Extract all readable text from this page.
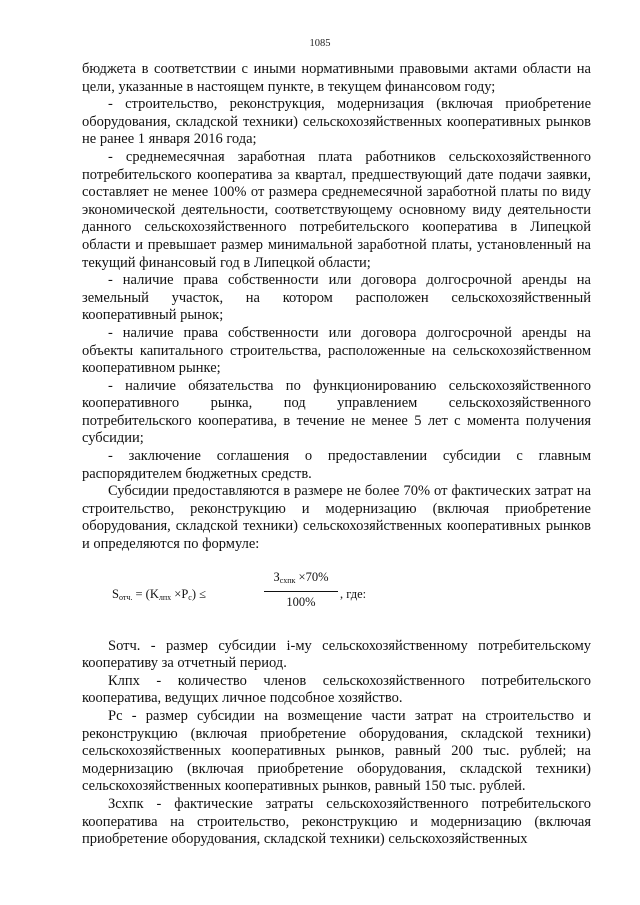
1085

бюджета в соответствии с иными нормативными правовыми актами области на цели, указанные в настоящем пункте, в текущем финансовом году;

- строительство, реконструкция, модернизация (включая приобретение оборудования, складской техники) сельскохозяйственных кооперативных рынков не ранее 1 января 2016 года;

- среднемесячная заработная плата работников сельскохозяйственного потребительского кооператива за квартал, предшествующий дате подачи заявки, составляет не менее 100% от размера среднемесячной заработной платы по виду экономической деятельности, соответствующему основному виду деятельности данного сельскохозяйственного потребительского кооператива в Липецкой области и превышает размер минимальной заработной платы, установленный на текущий финансовый год в Липецкой области;

- наличие права собственности или договора долгосрочной аренды на земельный участок, на котором расположен сельскохозяйственный кооперативный рынок;

- наличие права собственности или договора долгосрочной аренды на объекты капитального строительства, расположенные на сельскохозяйственном кооперативном рынке;

- наличие обязательства по функционированию сельскохозяйственного кооперативного рынка, под управлением сельскохозяйственного потребительского кооператива, в течение не менее 5 лет с момента получения субсидии;

- заключение соглашения о предоставлении субсидии с главным распорядителем бюджетных средств.

Субсидии предоставляются в размере не более 70% от фактических затрат на строительство, реконструкцию и модернизацию (включая приобретение оборудования, складской техники) сельскохозяйственных кооперативных рынков и определяются по формуле:

$S_{отч.} = (K_{лпх} \times P_c)$ ≤
$З_{схпк} \times 70\%$
100%
, где:

Sотч. - размер субсидии i-му сельскохозяйственному потребительскому кооперативу за отчетный период.

Клпх - количество членов сельскохозяйственного потребительского кооператива, ведущих личное подсобное хозяйство.

Рс - размер субсидии на возмещение части затрат на строительство и реконструкцию (включая приобретение оборудования, складской техники) сельскохозяйственных кооперативных рынков, равный 200 тыс. рублей; на модернизацию (включая приобретение оборудования, складской техники) сельскохозяйственных кооперативных рынков, равный 150 тыс. рублей.

Зсхпк - фактические затраты сельскохозяйственного потребительского кооператива на строительство, реконструкцию и модернизацию (включая приобретение оборудования, складской техники) сельскохозяйственных
